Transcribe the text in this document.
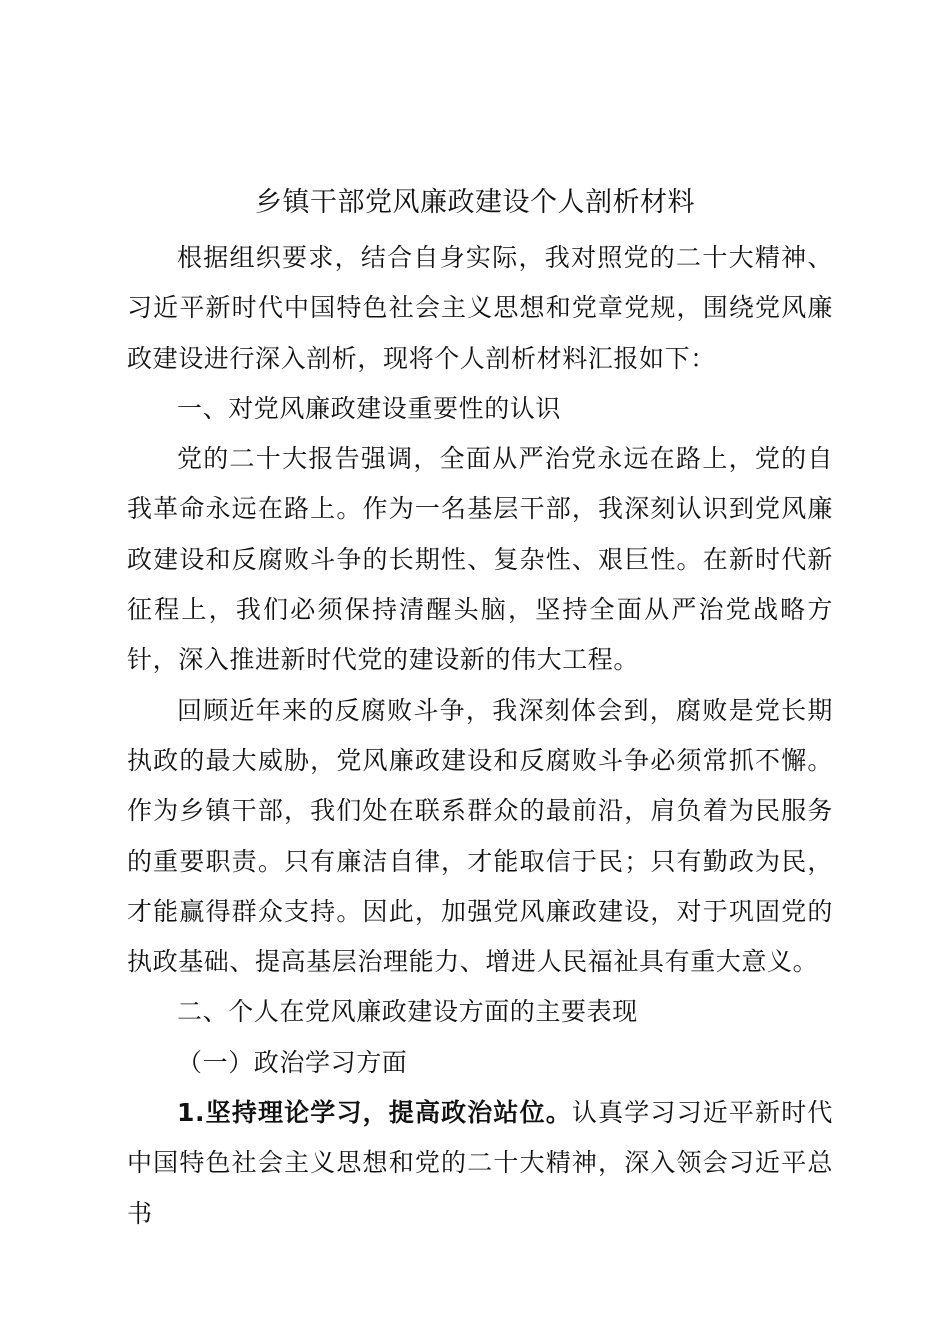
乡镇干部党风廉政建设个人剖析材料

根据组织要求，结合自身实际，我对照党的二十大精神、习近平新时代中国特色社会主义思想和党章党规，围绕党风廉政建设进行深入剖析，现将个人剖析材料汇报如下：

一、对党风廉政建设重要性的认识

党的二十大报告强调，全面从严治党永远在路上，党的自我革命永远在路上。作为一名基层干部，我深刻认识到党风廉政建设和反腐败斗争的长期性、复杂性、艰巨性。在新时代新征程上，我们必须保持清醒头脑，坚持全面从严治党战略方针，深入推进新时代党的建设新的伟大工程。

回顾近年来的反腐败斗争，我深刻体会到，腐败是党长期执政的最大威胁，党风廉政建设和反腐败斗争必须常抓不懈。作为乡镇干部，我们处在联系群众的最前沿，肩负着为民服务的重要职责。只有廉洁自律，才能取信于民；只有勤政为民，才能赢得群众支持。因此，加强党风廉政建设，对于巩固党的执政基础、提高基层治理能力、增进人民福祉具有重大意义。

二、个人在党风廉政建设方面的主要表现

（一）政治学习方面

1.坚持理论学习，提高政治站位。认真学习习近平新时代中国特色社会主义思想和党的二十大精神，深入领会习近平总书
